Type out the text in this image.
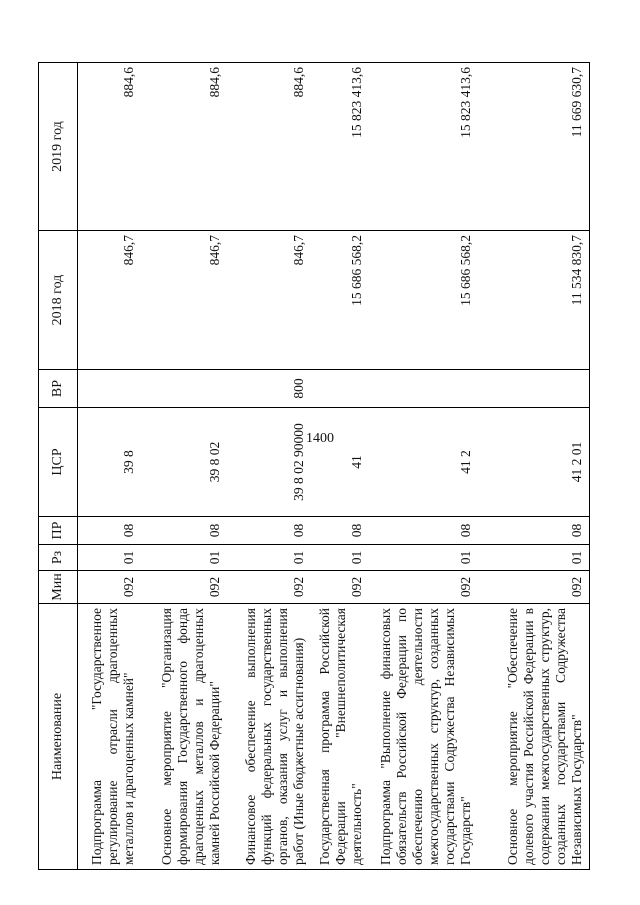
1400
Наименование	Мин	Рз	ПР	ЦСР	ВР	2018 год	2019 год
Подпрограмма "Государственное регулирование отрасли драгоценных металлов и драгоценных камней"	092	01	08	39 8		846,7	884,6
Основное мероприятие "Организация формирования Государственного фонда драгоценных металлов и драгоценных камней Российской Федерации"	092	01	08	39 8 02		846,7	884,6
Финансовое обеспечение выполнения функций федеральных государственных органов, оказания услуг и выполнения работ (Иные бюджетные ассигнования)	092	01	08	39 8 02 90000	800	846,7	884,6
Государственная программа Российской Федерации "Внешнеполитическая деятельность"	092	01	08	41		15 686 568,2	15 823 413,6
Подпрограмма "Выполнение финансовых обязательств Российской Федерации по обеспечению деятельности межгосударственных структур, созданных государствами Содружества Независимых Государств"	092	01	08	41 2		15 686 568,2	15 823 413,6
Основное мероприятие "Обеспечение долевого участия Российской Федерации в содержании межгосударственных структур, созданных государствами Содружества Независимых Государств"	092	01	08	41 2 01		11 534 830,7	11 669 630,7
